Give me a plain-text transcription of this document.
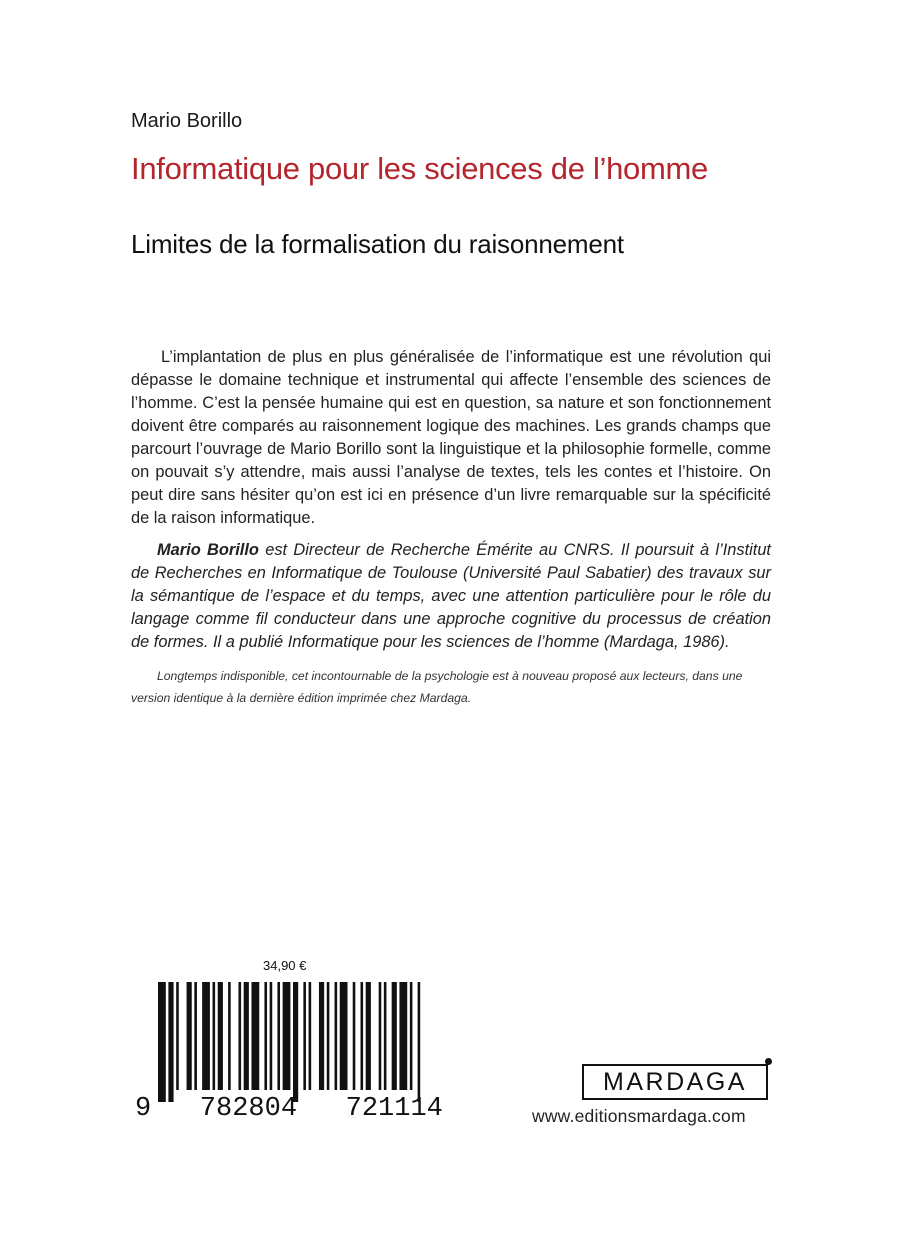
Mario Borillo
Informatique pour les sciences de l’homme
Limites de la formalisation du raisonnement

L’implantation de plus en plus généralisée de l’informatique est une révolution qui dépasse le domaine technique et instrumental qui affecte l’ensemble des sciences de l’homme. C’est la pensée humaine qui est en question, sa nature et son fonctionnement doivent être comparés au raisonnement logique des machines. Les grands champs que parcourt l’ouvrage de Mario Borillo sont la linguistique et la philosophie formelle, comme on pouvait s’y attendre, mais aussi l’analyse de textes, tels les contes et l’histoire. On peut dire sans hésiter qu’on est ici en présence d’un livre remarquable sur la spécificité de la raison informatique.

Mario Borillo est Directeur de Recherche Émérite au CNRS. Il poursuit à l’Institut de Recherches en Informatique de Toulouse (Université Paul Sabatier) des travaux sur la sémantique de l’espace et du temps, avec une attention particulière pour le rôle du langage comme fil conducteur dans une approche cognitive du processus de création de formes. Il a publié Informatique pour les sciences de l’homme (Mardaga, 1986).

Longtemps indisponible, cet incontournable de la psychologie est à nouveau proposé aux lecteurs, dans une version identique à la dernière édition imprimée chez Mardaga.

34,90 €
9   782804   721114
MARDAGA
www.editionsmardaga.com
